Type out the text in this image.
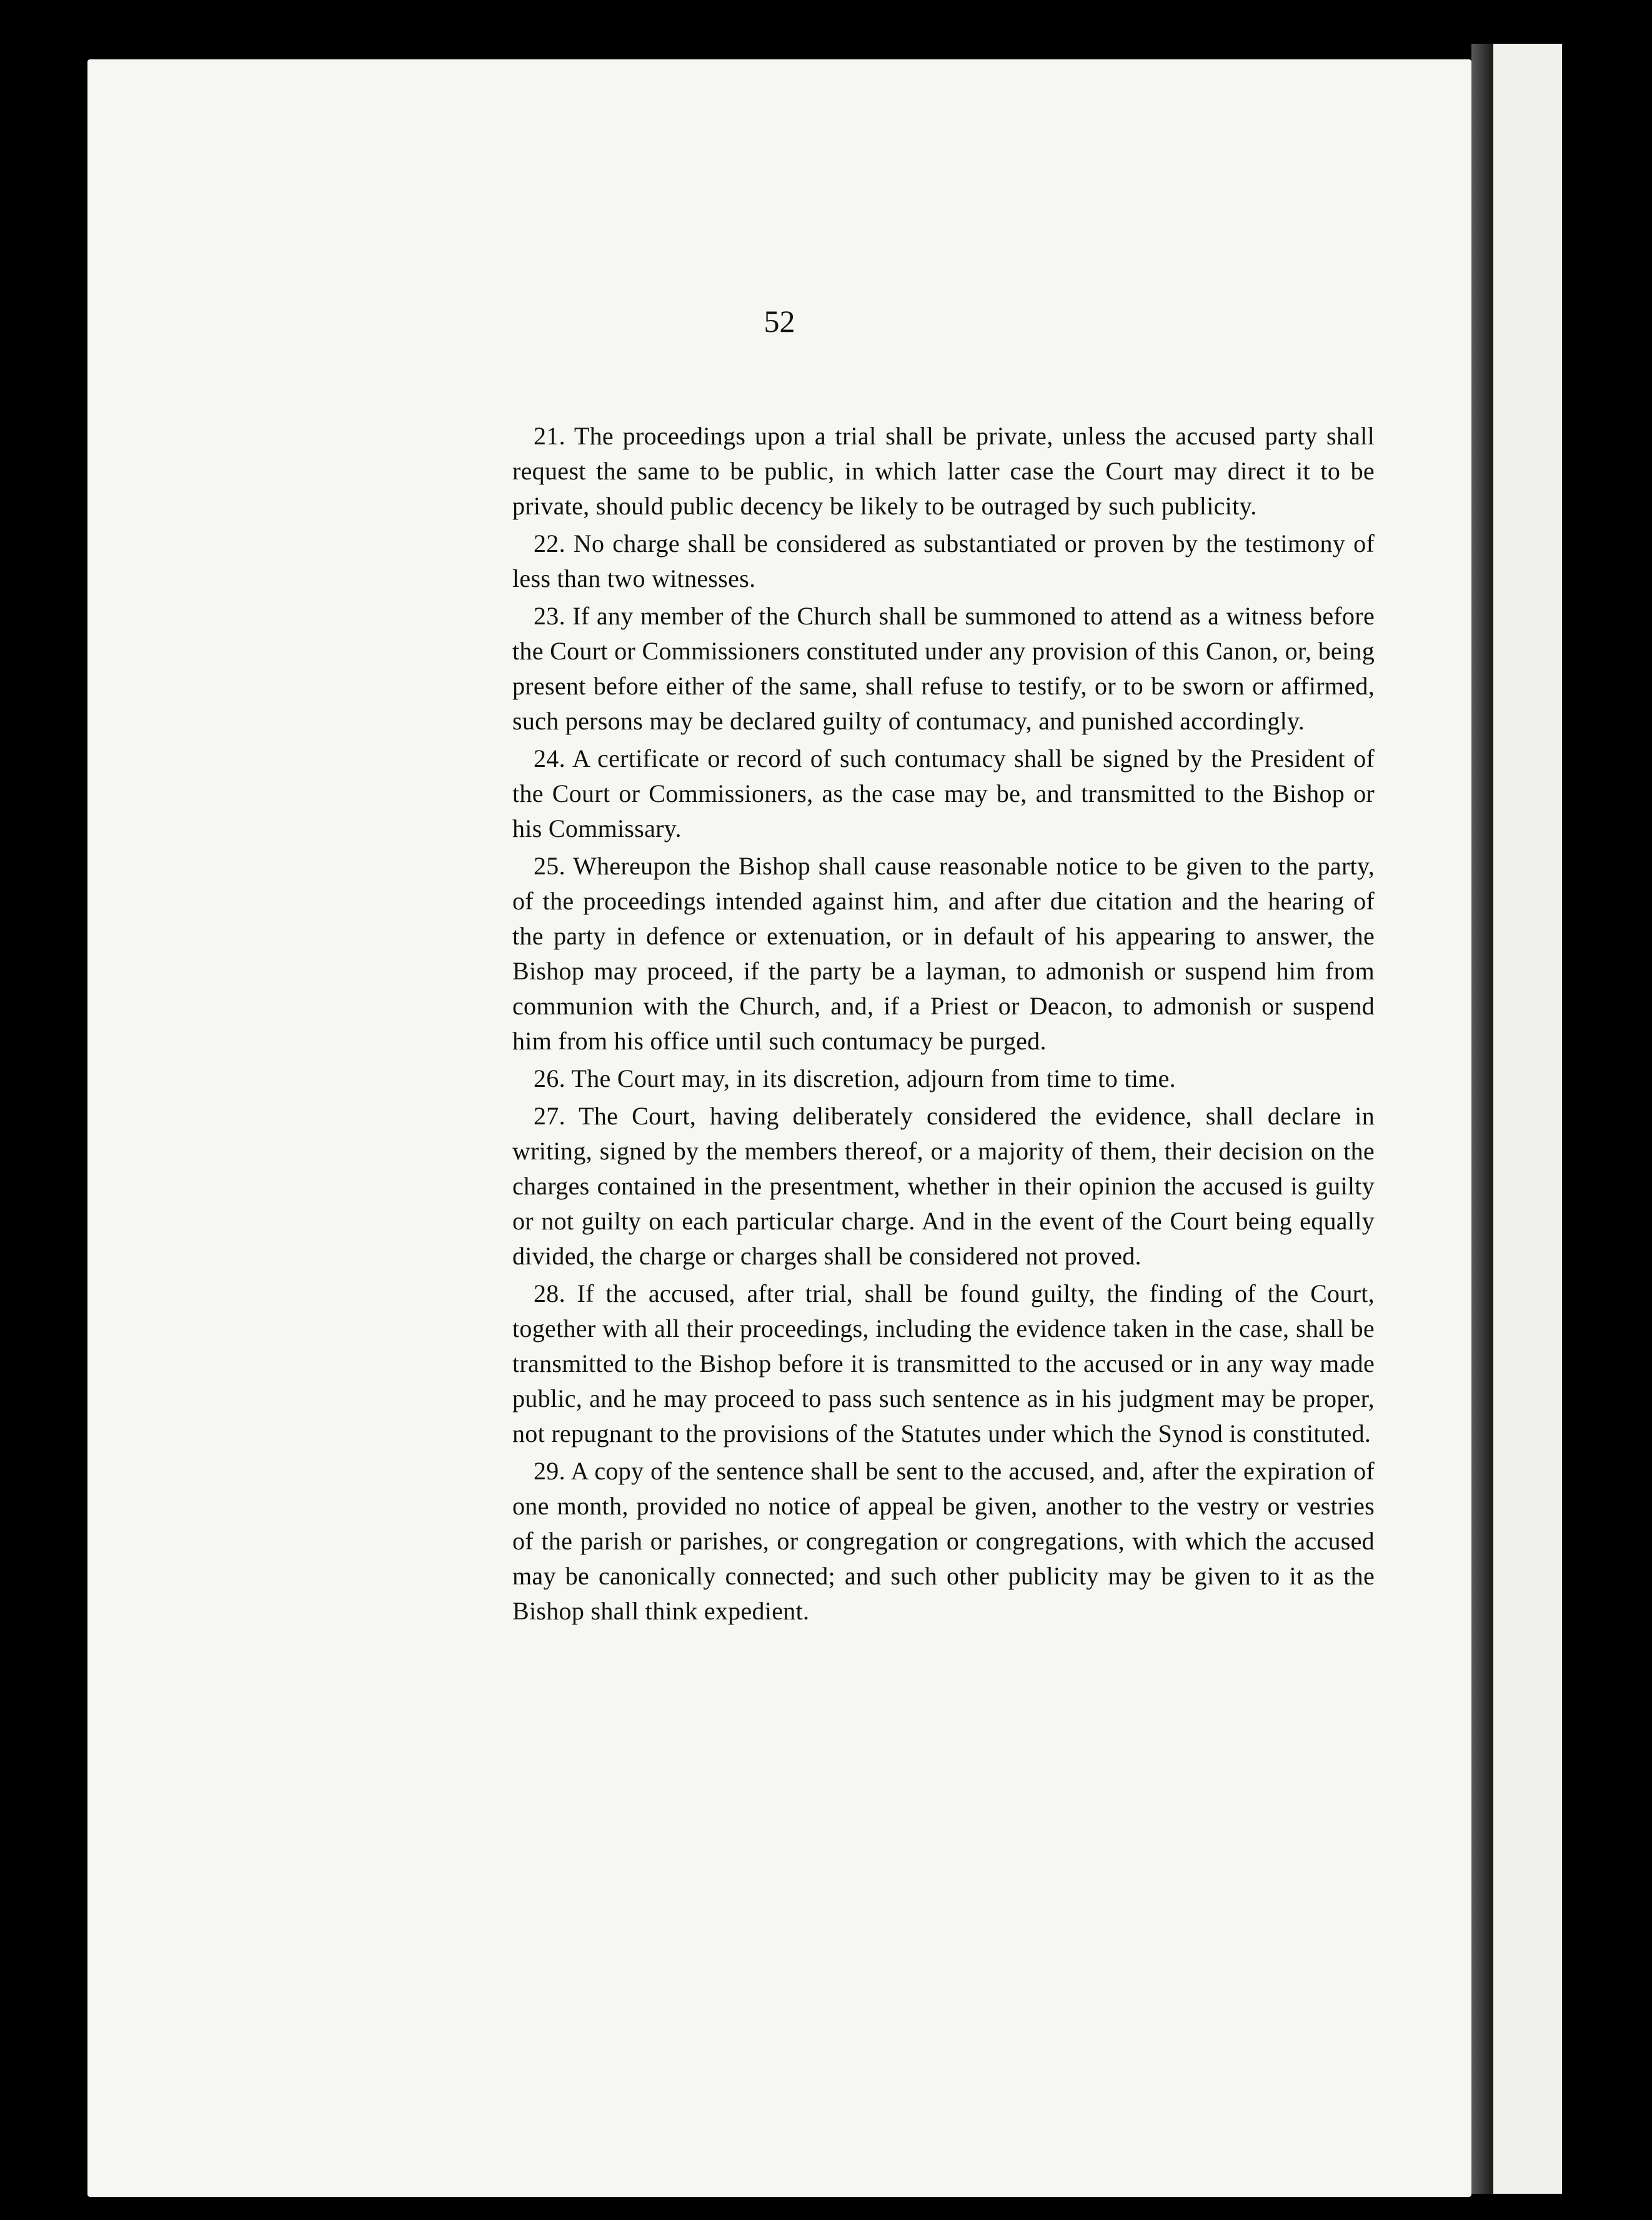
52

21. The proceedings upon a trial shall be private, unless the accused party shall request the same to be public, in which latter case the Court may direct it to be private, should public decency be likely to be outraged by such publicity.

22. No charge shall be considered as substantiated or proven by the testimony of less than two witnesses.

23. If any member of the Church shall be summoned to attend as a witness before the Court or Commissioners constituted under any provision of this Canon, or, being present before either of the same, shall refuse to testify, or to be sworn or affirmed, such persons may be declared guilty of contumacy, and punished accordingly.

24. A certificate or record of such contumacy shall be signed by the President of the Court or Commissioners, as the case may be, and transmitted to the Bishop or his Commissary.

25. Whereupon the Bishop shall cause reasonable notice to be given to the party, of the proceedings intended against him, and after due citation and the hearing of the party in defence or extenuation, or in default of his appearing to answer, the Bishop may proceed, if the party be a layman, to admonish or suspend him from communion with the Church, and, if a Priest or Deacon, to admonish or suspend him from his office until such contumacy be purged.

26. The Court may, in its discretion, adjourn from time to time.

27. The Court, having deliberately considered the evidence, shall declare in writing, signed by the members thereof, or a majority of them, their decision on the charges contained in the presentment, whether in their opinion the accused is guilty or not guilty on each particular charge. And in the event of the Court being equally divided, the charge or charges shall be considered not proved.

28. If the accused, after trial, shall be found guilty, the finding of the Court, together with all their proceedings, including the evidence taken in the case, shall be transmitted to the Bishop before it is transmitted to the accused or in any way made public, and he may proceed to pass such sentence as in his judgment may be proper, not repugnant to the provisions of the Statutes under which the Synod is constituted.

29. A copy of the sentence shall be sent to the accused, and, after the expiration of one month, provided no notice of appeal be given, another to the vestry or vestries of the parish or parishes, or congregation or congregations, with which the accused may be canonically connected; and such other publicity may be given to it as the Bishop shall think expedient.
